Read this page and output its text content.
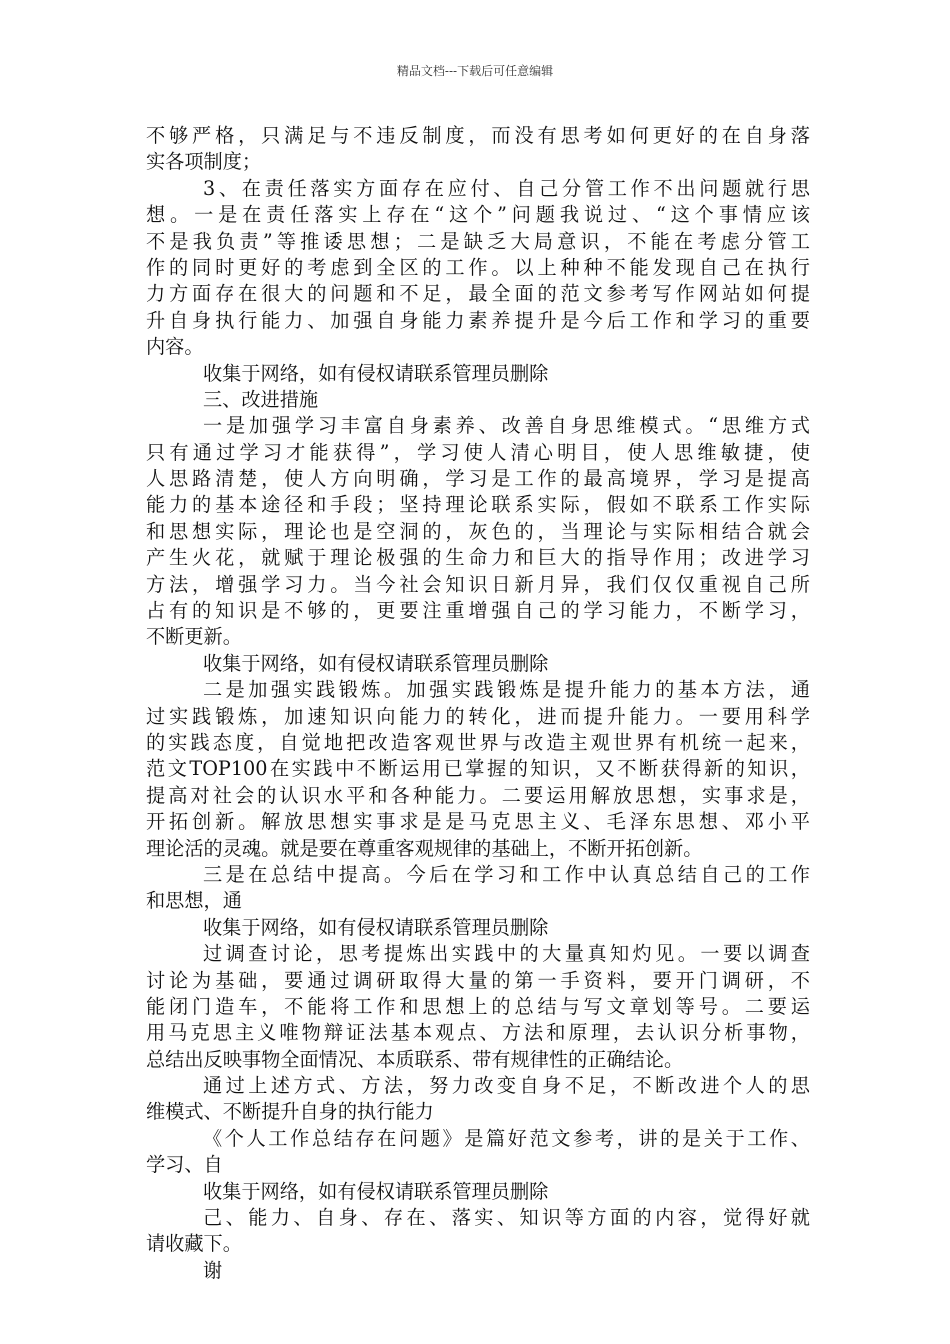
精品文档---下载后可任意编辑
不够严格，只满足与不违反制度，而没有思考如何更好的在自身落
实各项制度；
3、在责任落实方面存在应付、自己分管工作不出问题就行思
想。一是在责任落实上存在“这个”问题我说过、“这个事情应该
不是我负责”等推诿思想；二是缺乏大局意识，不能在考虑分管工
作的同时更好的考虑到全区的工作。以上种种不能发现自己在执行
力方面存在很大的问题和不足，最全面的范文参考写作网站如何提
升自身执行能力、加强自身能力素养提升是今后工作和学习的重要
内容。
收集于网络，如有侵权请联系管理员删除
三、改进措施
一是加强学习丰富自身素养、改善自身思维模式。“思维方式
只有通过学习才能获得”，学习使人清心明目，使人思维敏捷，使
人思路清楚，使人方向明确，学习是工作的最高境界，学习是提高
能力的基本途径和手段；坚持理论联系实际，假如不联系工作实际
和思想实际，理论也是空洞的，灰色的，当理论与实际相结合就会
产生火花，就赋于理论极强的生命力和巨大的指导作用；改进学习
方法，增强学习力。当今社会知识日新月异，我们仅仅重视自己所
占有的知识是不够的，更要注重增强自己的学习能力，不断学习，
不断更新。
收集于网络，如有侵权请联系管理员删除
二是加强实践锻炼。加强实践锻炼是提升能力的基本方法，通
过实践锻炼，加速知识向能力的转化，进而提升能力。一要用科学
的实践态度，自觉地把改造客观世界与改造主观世界有机统一起来，
范文TOP100在实践中不断运用已掌握的知识，又不断获得新的知识，
提高对社会的认识水平和各种能力。二要运用解放思想，实事求是，
开拓创新。解放思想实事求是是马克思主义、毛泽东思想、邓小平
理论活的灵魂。就是要在尊重客观规律的基础上，不断开拓创新。
三是在总结中提高。今后在学习和工作中认真总结自己的工作
和思想，通
收集于网络，如有侵权请联系管理员删除
过调查讨论，思考提炼出实践中的大量真知灼见。一要以调查
讨论为基础，要通过调研取得大量的第一手资料，要开门调研，不
能闭门造车，不能将工作和思想上的总结与写文章划等号。二要运
用马克思主义唯物辩证法基本观点、方法和原理，去认识分析事物，
总结出反映事物全面情况、本质联系、带有规律性的正确结论。
通过上述方式、方法，努力改变自身不足，不断改进个人的思
维模式、不断提升自身的执行能力
《个人工作总结存在问题》是篇好范文参考，讲的是关于工作、
学习、自
收集于网络，如有侵权请联系管理员删除
己、能力、自身、存在、落实、知识等方面的内容，觉得好就
请收藏下。
谢
